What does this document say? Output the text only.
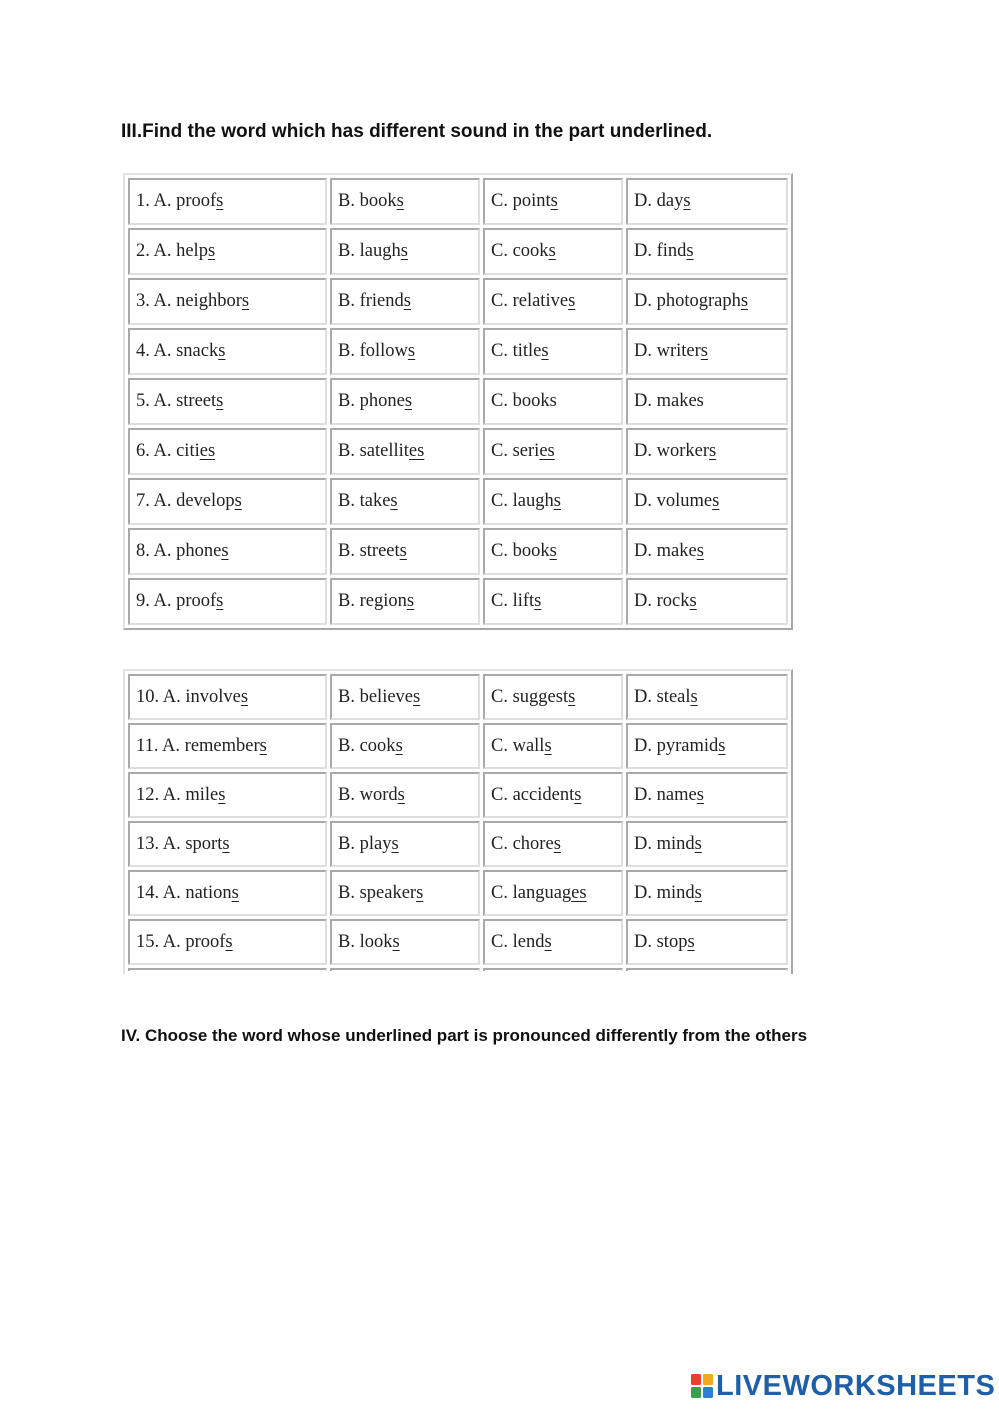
III.Find the word which has different sound in the part underlined.
1. A. proofs	B. books	C. points	D. days
2. A. helps	B. laughs	C. cooks	D. finds
3. A. neighbors	B. friends	C. relatives	D. photographs
4. A. snacks	B. follows	C. titles	D. writers
5. A. streets	B. phones	C. books	D. makes
6. A. cities	B. satellites	C. series	D. workers
7. A. develops	B. takes	C. laughs	D. volumes
8. A. phones	B. streets	C. books	D. makes
9. A. proofs	B. regions	C. lifts	D. rocks
10. A. involves	B. believes	C. suggests	D. steals
11. A. remembers	B. cooks	C. walls	D. pyramids
12. A. miles	B. words	C. accidents	D. names
13. A. sports	B. plays	C. chores	D. minds
14. A. nations	B. speakers	C. languages	D. minds
15. A. proofs	B. looks	C. lends	D. stops

IV. Choose the word whose underlined part is pronounced differently from the others
LIVEWORKSHEETS
